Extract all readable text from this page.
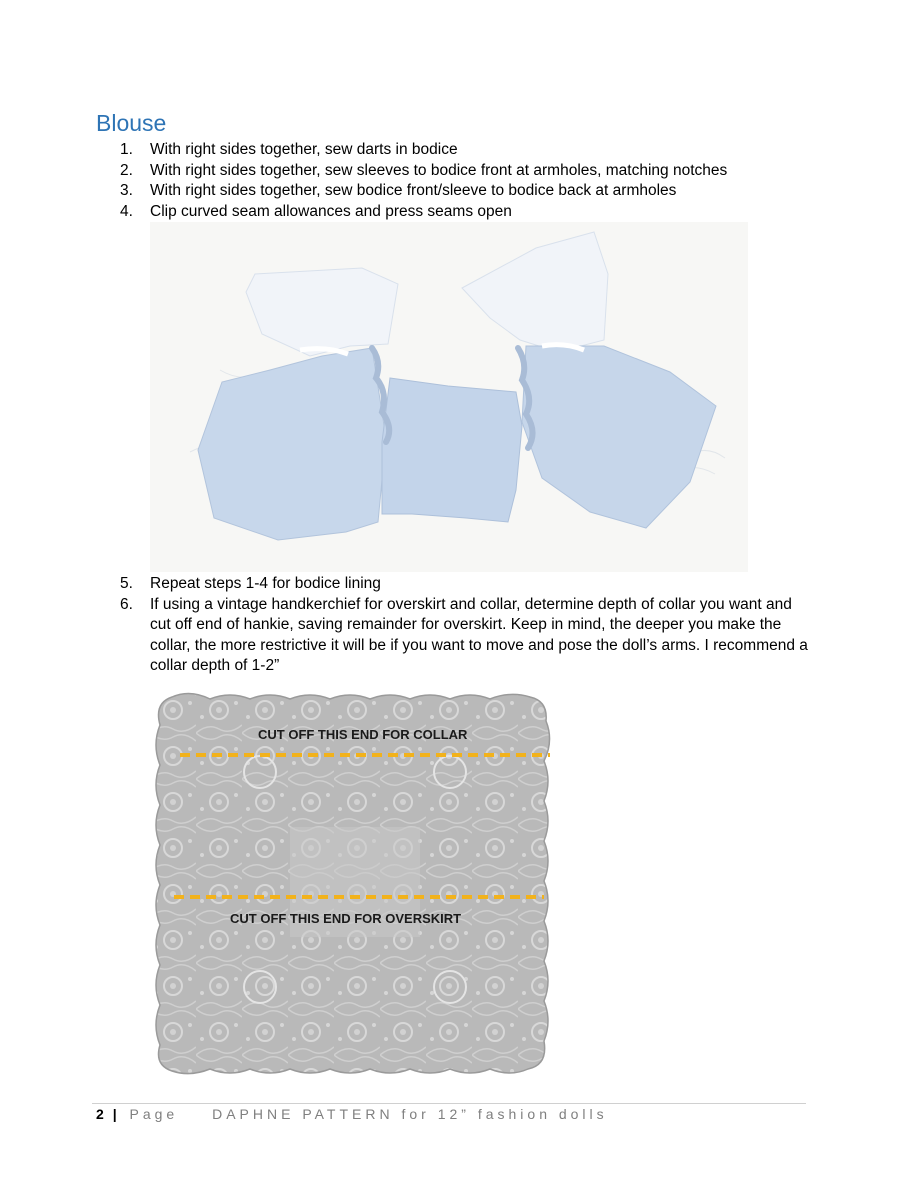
Blouse
1.	With right sides together, sew darts in bodice
2.	With right sides together, sew sleeves to bodice front at armholes, matching notches
3.	With right sides together, sew bodice front/sleeve to bodice back at armholes
4.	Clip curved seam allowances and press seams open
5.	Repeat steps 1-4 for bodice lining
6.	If using a vintage handkerchief for overskirt and collar, determine depth of collar you want and cut off end of hankie, saving remainder for overskirt. Keep in mind, the deeper you make the collar, the more restrictive it will be if you want to move and pose the doll’s arms. I recommend a collar depth of 1-2”
CUT OFF THIS END FOR COLLAR
CUT OFF THIS END FOR OVERSKIRT
2 | Page DAPHNE PATTERN for 12” fashion dolls
